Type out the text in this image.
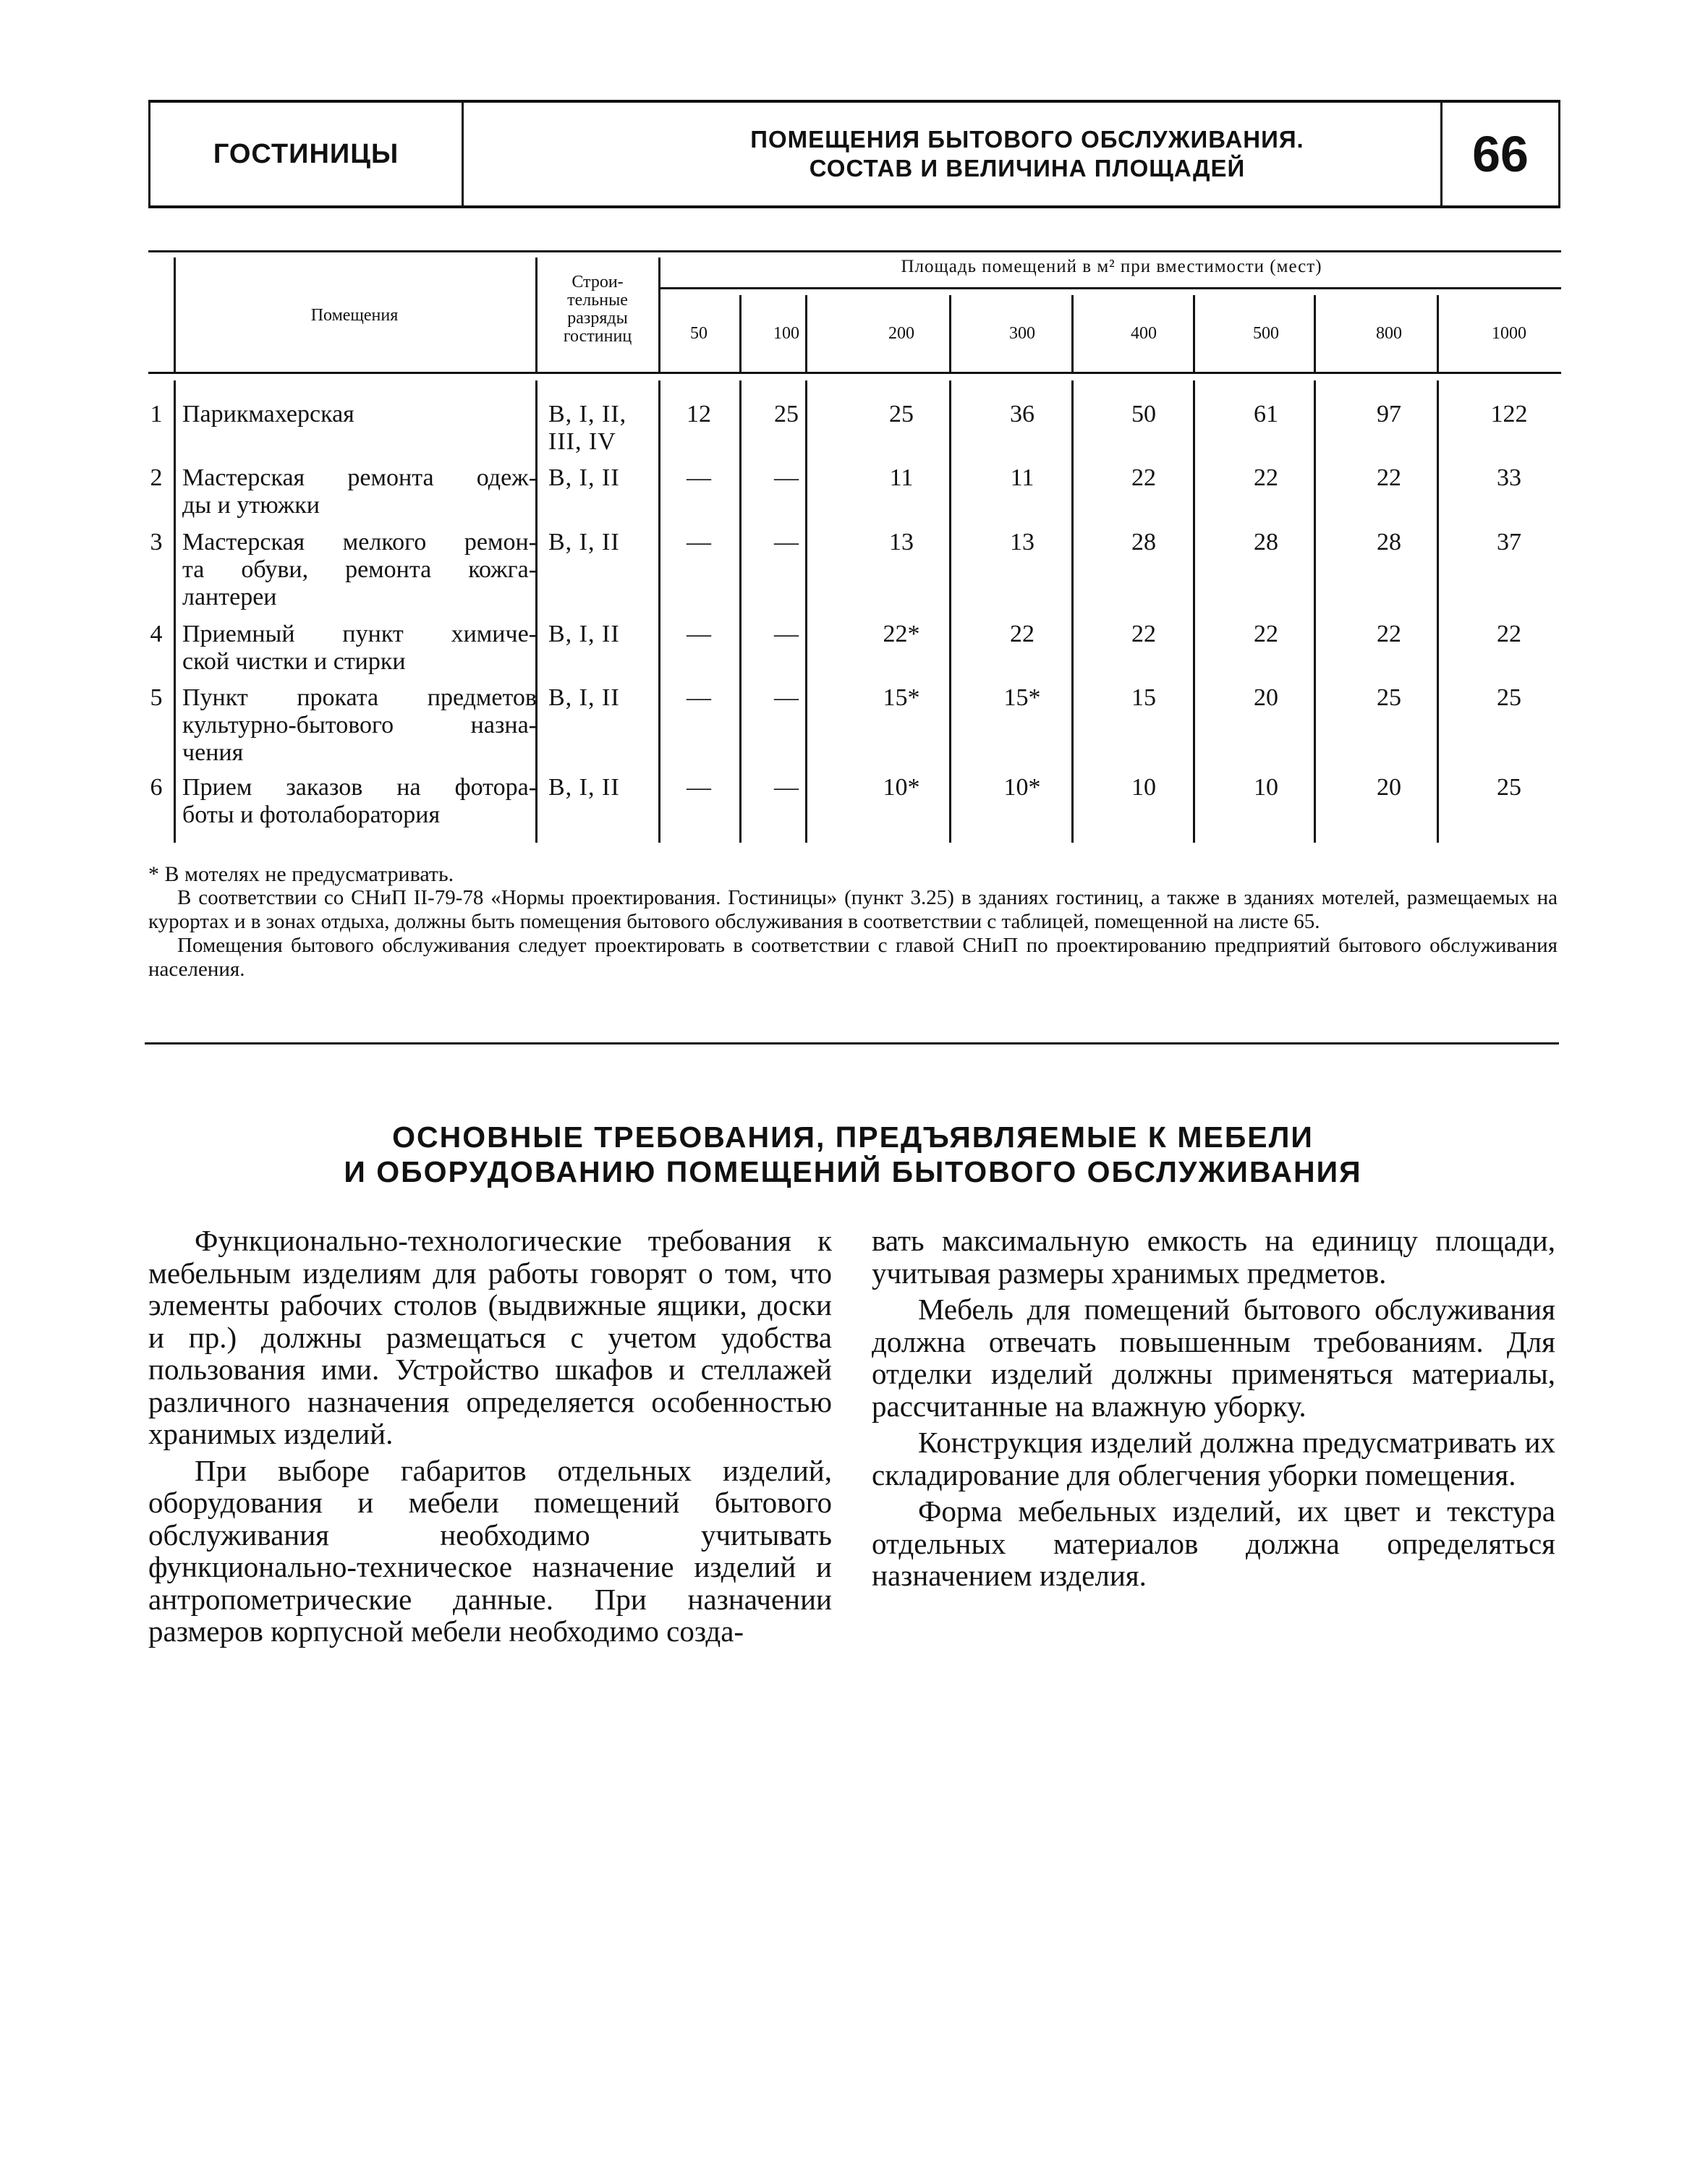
ГОСТИНИЦЫ	ПОМЕЩЕНИЯ БЫТОВОГО ОБСЛУЖИВАНИЯ.
СОСТАВ И ВЕЛИЧИНА ПЛОЩАДЕЙ	66
Помещения
Строи-
тельные
разряды
гостиниц
Площадь помещений в м² при вместимости (мест)
50	100	200	300	400	500	800	1000
1 Парикмахерская	В, I, II,
III, IV
12	25	25	36	50	61	97	122
2 Мастерская ремонта одеж-
ды и утюжки
В, I, II	—	—	11	11	22	22	22	33
3 Мастерская мелкого ремон-
та обуви, ремонта кожга-
лантереи
В, I, II	—	—	13	13	28	28	28	37
4 Приемный пункт химиче-
ской чистки и стирки
В, I, II	—	—	22*	22	22	22	22	22
5 Пункт проката предметов
культурно-бытового назна-
чения
В, I, II	—	—	15*	15*	15	20	25	25
6 Прием заказов на фотора-
боты и фотолаборатория
В, I, II	—	—	10*	10*	10	10	20	25

* В мотелях не предусматривать.

В соответствии со СНиП II-79-78 «Нормы проектирования. Гостиницы» (пункт 3.25) в зданиях гостиниц, а также в зданиях мотелей, размещаемых на курортах и в зонах отдыха, должны быть помещения бытового обслуживания в соответствии с таблицей, помещенной на листе 65.

Помещения бытового обслуживания следует проектировать в соответствии с главой СНиП по проектированию предприятий бытового обслуживания населения.

ОСНОВНЫЕ ТРЕБОВАНИЯ, ПРЕДЪЯВЛЯЕМЫЕ К МЕБЕЛИ
И ОБОРУДОВАНИЮ ПОМЕЩЕНИЙ БЫТОВОГО ОБСЛУЖИВАНИЯ

Функционально-технологические требования к мебельным изделиям для работы говорят о том, что элементы рабочих столов (выдвижные ящики, доски и пр.) должны размещаться с учетом удобства пользования ими. Устройство шкафов и стеллажей различного назначения определяется особенностью хранимых изделий.

При выборе габаритов отдельных изделий, оборудования и мебели помещений бытового обслуживания необходимо учитывать функционально-техническое назначение изделий и антропометрические данные. При назначении размеров корпусной мебели необходимо созда-

вать максимальную емкость на единицу площади, учитывая размеры хранимых предметов.

Мебель для помещений бытового обслуживания должна отвечать повышенным требованиям. Для отделки изделий должны применяться материалы, рассчитанные на влажную уборку.

Конструкция изделий должна предусматривать их складирование для облегчения уборки помещения.

Форма мебельных изделий, их цвет и текстура отдельных материалов должна определяться назначением изделия.
